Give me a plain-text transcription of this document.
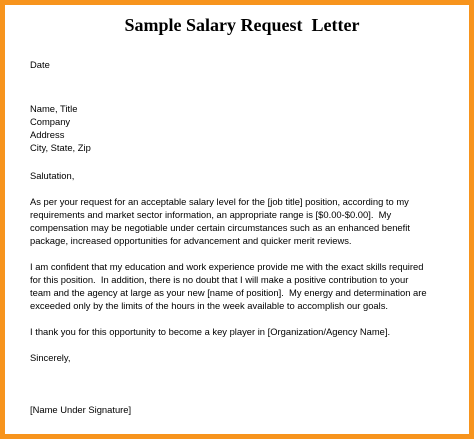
Sample Salary Request  Letter

Date

Name, Title

Company

Address

City, State, Zip

Salutation,

As per your request for an acceptable salary level for the [job title] position, according to my

requirements and market sector information, an appropriate range is [$0.00-$0.00].  My

compensation may be negotiable under certain circumstances such as an enhanced benefit

package, increased opportunities for advancement and quicker merit reviews.

I am confident that my education and work experience provide me with the exact skills required

for this position.  In addition, there is no doubt that I will make a positive contribution to your

team and the agency at large as your new [name of position].  My energy and determination are

exceeded only by the limits of the hours in the week available to accomplish our goals.

I thank you for this opportunity to become a key player in [Organization/Agency Name].

Sincerely,

[Name Under Signature]
